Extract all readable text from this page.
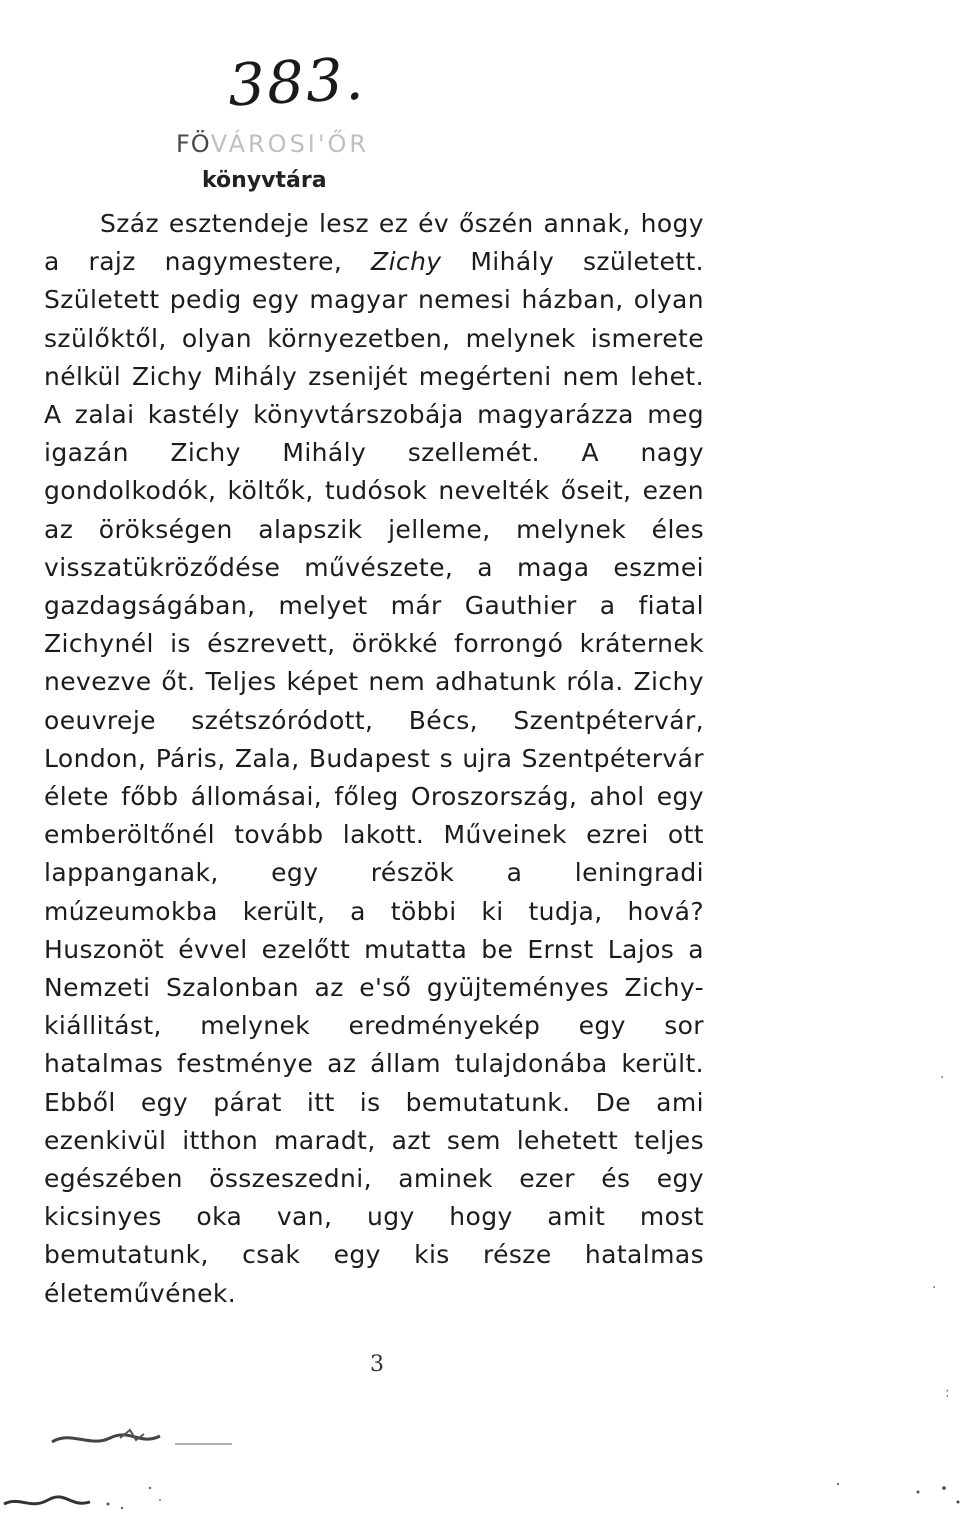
383.
FÖVÁROSI'ŐR
könyvtára

Száz esztendeje lesz ez év őszén annak, hogy a rajz nagymestere, Zichy Mihály született. Született pedig egy magyar nemesi házban, olyan szülőktől, olyan környezetben, melynek ismerete nélkül Zichy Mihály zsenijét megérteni nem lehet. A zalai kastély könyvtárszobája magyarázza meg igazán Zichy Mihály szellemét. A nagy gondolkodók, költők, tudósok nevelték őseit, ezen az örökségen alapszik jelleme, melynek éles visszatükröződése művészete, a maga eszmei gazdagságában, melyet már Gauthier a fiatal Zichynél is észrevett, örökké forrongó kráternek nevezve őt. Teljes képet nem adhatunk róla. Zichy oeuvreje szétszóródott, Bécs, Szentpétervár, London, Páris, Zala, Budapest s ujra Szentpétervár élete főbb állomásai, főleg Oroszország, ahol egy emberöltőnél tovább lakott. Műveinek ezrei ott lappanganak, egy részök a leningradi múzeumokba került, a többi ki tudja, hová? Huszonöt évvel ezelőtt mutatta be Ernst Lajos a Nemzeti Szalonban az e'ső gyüjteményes Zichy-kiállitást, melynek eredményekép egy sor hatalmas festménye az állam tulajdonába került. Ebből egy párat itt is bemutatunk. De ami ezenkivül itthon maradt, azt sem lehetett teljes egészében összeszedni, aminek ezer és egy kicsinyes oka van, ugy hogy amit most bemutatunk, csak egy kis része hatalmas életeművének.

3
·
·
:
